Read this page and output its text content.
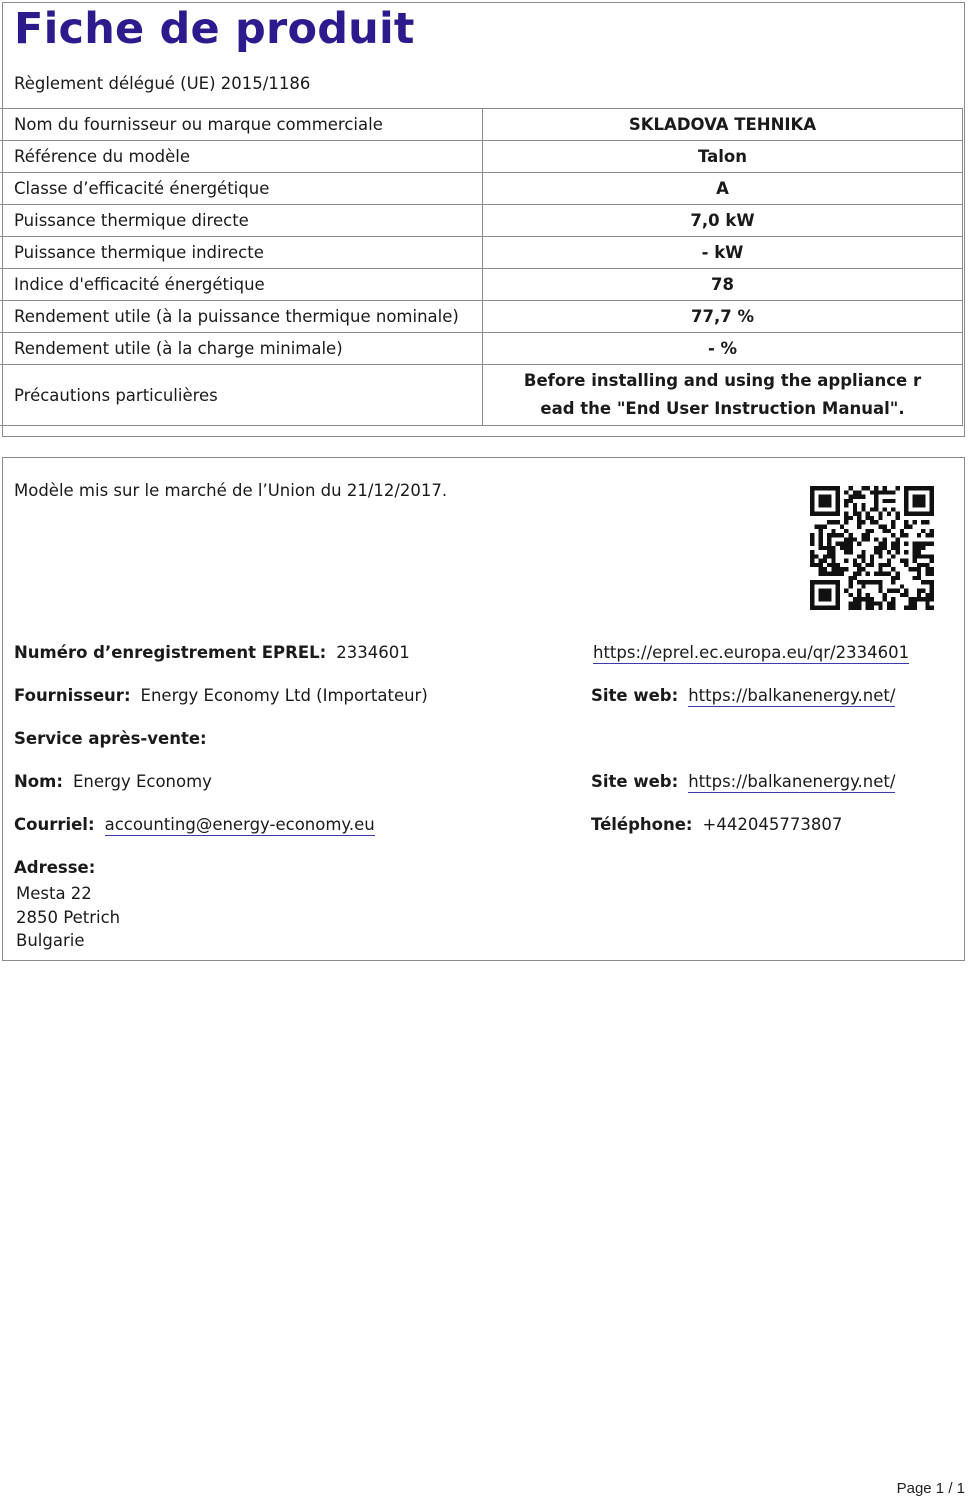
Fiche de produit
Règlement délégué (UE) 2015/1186
Nom du fournisseur ou marque commerciale	SKLADOVA TEHNIKA
Référence du modèle	Talon
Classe d’efficacité énergétique	A
Puissance thermique directe	7,0 kW
Puissance thermique indirecte	- kW
Indice d'efficacité énergétique	78
Rendement utile (à la puissance thermique nominale)	77,7 %
Rendement utile (à la charge minimale)	- %
Précautions particulières	Before installing and using the appliance r
ead the "End User Instruction Manual".
Modèle mis sur le marché de l’Union du 21/12/2017.
Numéro d’enregistrement EPREL: 2334601	https://eprel.ec.europa.eu/qr/2334601
Fournisseur: Energy Economy Ltd (Importateur)	Site web: https://balkanenergy.net/
Service après-vente:
Nom: Energy Economy	Site web: https://balkanenergy.net/
Courriel: accounting@energy-economy.eu	Téléphone: +442045773807
Adresse:
Mesta 22
2850 Petrich
Bulgarie
Page 1 / 1
